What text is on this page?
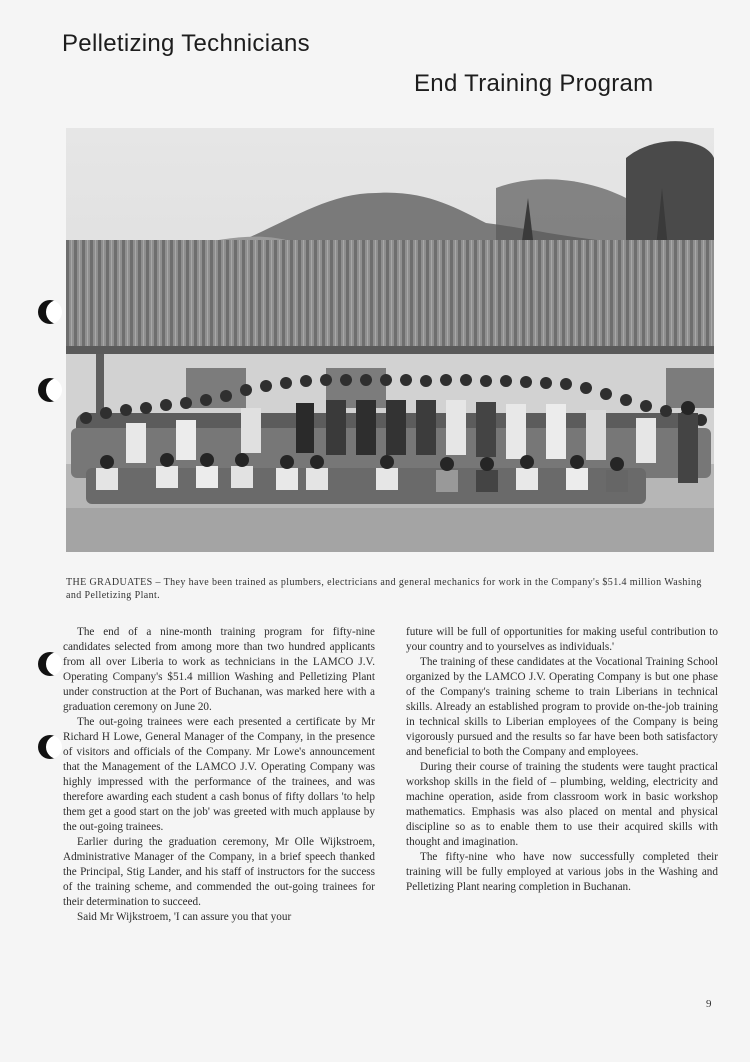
Pelletizing Technicians
End Training Program
THE GRADUATES – They have been trained as plumbers, electricians and general mechanics for work in the Company's $51.4 million Washing and Pelletizing Plant.

The end of a nine-month training program for fifty-nine candidates selected from among more than two hundred applicants from all over Liberia to work as technicians in the LAMCO J.V. Operating Company's $51.4 million Washing and Pelletizing Plant under construction at the Port of Buchanan, was marked here with a graduation ceremony on June 20.

The out-going trainees were each presented a certificate by Mr Richard H Lowe, General Manager of the Company, in the presence of visitors and officials of the Company. Mr Lowe's announcement that the Management of the LAMCO J.V. Operating Company was highly impressed with the performance of the trainees, and was therefore awarding each student a cash bonus of fifty dollars 'to help them get a good start on the job' was greeted with much applause by the out-going trainees.

Earlier during the graduation ceremony, Mr Olle Wijkstroem, Administrative Manager of the Company, in a brief speech thanked the Principal, Stig Lander, and his staff of instructors for the success of the training scheme, and commended the out-going trainees for their determination to succeed.

Said Mr Wijkstroem, 'I can assure you that your

future will be full of opportunities for making useful contribution to your country and to yourselves as individuals.'

The training of these candidates at the Vocational Training School organized by the LAMCO J.V. Operating Company is but one phase of the Company's training scheme to train Liberians in technical skills. Already an established program to provide on-the-job training in technical skills to Liberian employees of the Company is being vigorously pursued and the results so far have been both satisfactory and beneficial to both the Company and employees.

During their course of training the students were taught practical workshop skills in the field of – plumbing, welding, electricity and machine operation, aside from classroom work in basic workshop mathematics. Emphasis was also placed on mental and physical discipline so as to enable them to use their acquired skills with thought and imagination.

The fifty-nine who have now successfully completed their training will be fully employed at various jobs in the Washing and Pelletizing Plant nearing completion in Buchanan.

9
